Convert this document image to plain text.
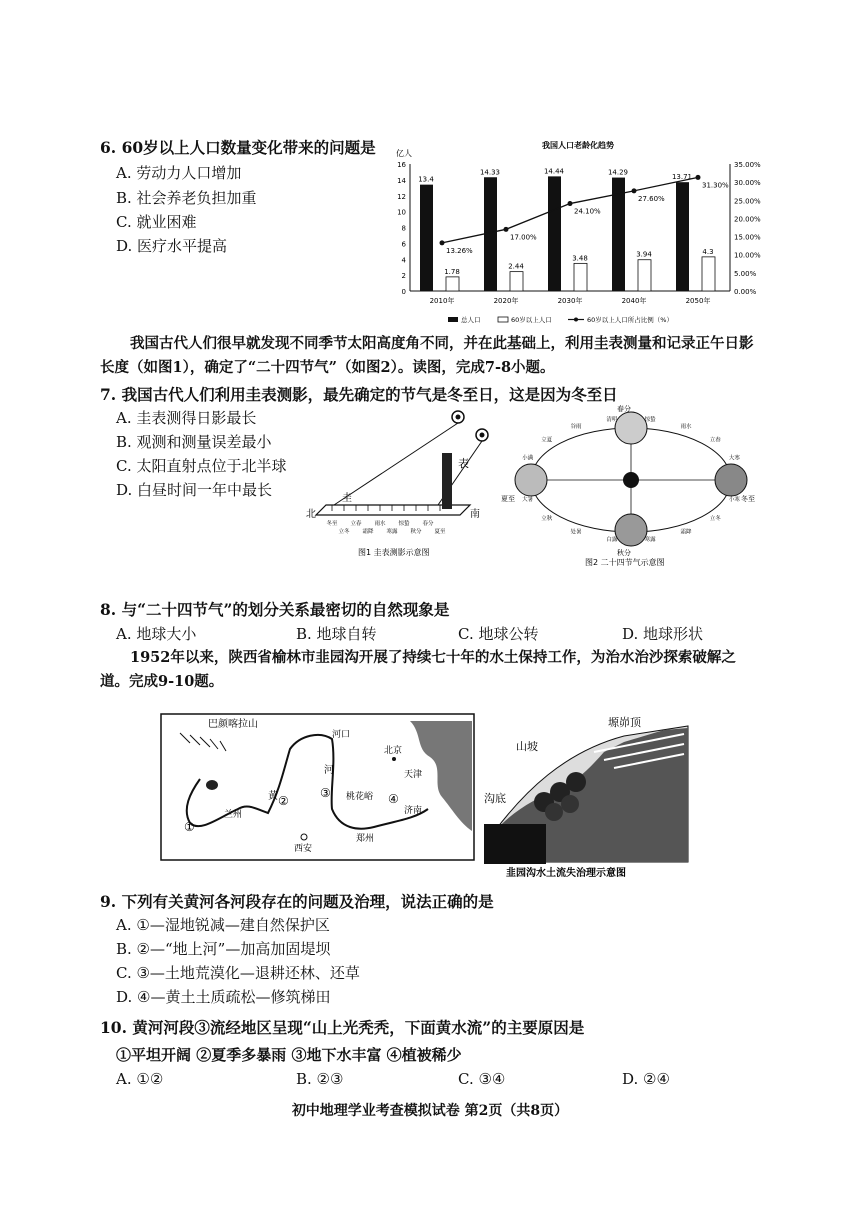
6. 60岁以上人口数量变化带来的问题是
A. 劳动力人口增加
B. 社会养老负担加重
C. 就业困难
D. 医疗水平提高
我国人口老龄化趋势
亿人
16
14
12
10
8
6
4
2
0
35.00%
30.00%
25.00%
20.00%
15.00%
10.00%
5.00%
0.00%
13.4
1.78
14.33
2.44
14.44
3.48
14.29
3.94
13.71
4.3
13.26%
17.00%
24.10%
27.60%
31.30%
2010年	2020年	2030年	2040年	2050年
总人口	60岁以上人口	60岁以上人口所占比例（%）
我国古代人们很早就发现不同季节太阳高度角不同，并在此基础上，利用圭表测量和记录正午日影长度（如图1），确定了“二十四节气”（如图2）。读图，完成7-8小题。
7. 我国古代人们利用圭表测影，最先确定的节气是冬至日，这是因为冬至日
A. 圭表测得日影最长
B. 观测和测量误差最小
C. 太阳直射点位于北半球
D. 白昼时间一年中最长
表
圭
北	南
冬至
立冬
立春
霜降
雨水
寒露
惊蛰
秋分
春分
夏至
图1 圭表测影示意图
春分
秋分
夏至	冬至
小满
立夏
谷雨
清明	惊蛰
雨水
立春
大寒
大暑
立秋
处暑
白露	寒露
霜降
立冬
小寒
图2 二十四节气示意图
8. 与“二十四节气”的划分关系最密切的自然现象是
A. 地球大小	B. 地球自转	C. 地球公转	D. 地球形状
1952年以来，陕西省榆林市韭园沟开展了持续七十年的水土保持工作，为治水治沙探索破解之道。完成9-10题。
巴颜喀拉山
河口
北京
天津
兰州
西安
郑州
济南
桃花峪
黄
河
①
②
③	④
塬峁顶
山坡
沟底
韭园沟水土流失治理示意图
9. 下列有关黄河各河段存在的问题及治理，说法正确的是
A. ①—湿地锐减—建自然保护区
B. ②—“地上河”—加高加固堤坝
C. ③—土地荒漠化—退耕还林、还草
D. ④—黄土土质疏松—修筑梯田
10. 黄河河段③流经地区呈现“山上光秃秃，下面黄水流”的主要原因是
①平坦开阔 ②夏季多暴雨 ③地下水丰富 ④植被稀少
A. ①②	B. ②③	C. ③④	D. ②④
初中地理学业考查模拟试卷 第2页（共8页）
